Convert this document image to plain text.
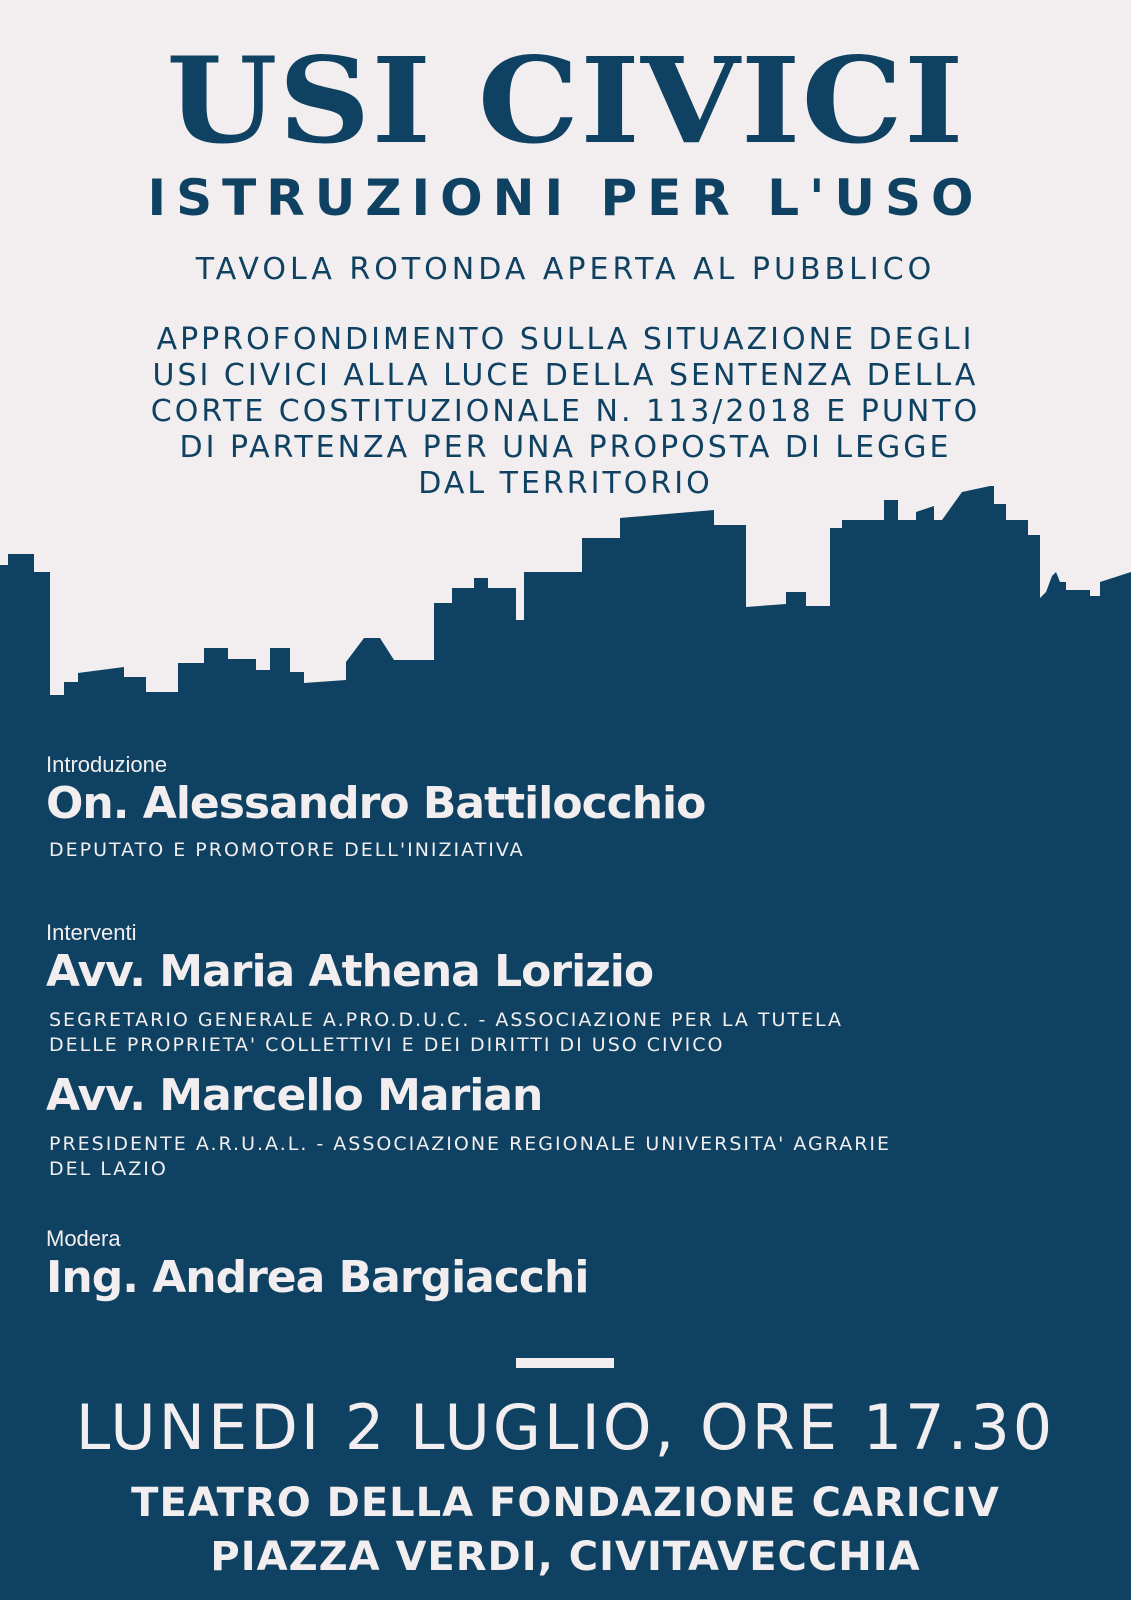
USI CIVICI
ISTRUZIONI PER L'USO
TAVOLA ROTONDA APERTA AL PUBBLICO
APPROFONDIMENTO SULLA SITUAZIONE DEGLI
USI CIVICI ALLA LUCE DELLA SENTENZA DELLA
CORTE COSTITUZIONALE N. 113/2018 E PUNTO
DI PARTENZA PER UNA PROPOSTA DI LEGGE
DAL TERRITORIO
Introduzione
On. Alessandro Battilocchio
DEPUTATO E PROMOTORE DELL'INIZIATIVA
Interventi
Avv. Maria Athena Lorizio
SEGRETARIO GENERALE A.PRO.D.U.C. - ASSOCIAZIONE PER LA TUTELA
DELLE PROPRIETA' COLLETTIVI E DEI DIRITTI DI USO CIVICO
Avv. Marcello Marian
PRESIDENTE A.R.U.A.L. - ASSOCIAZIONE REGIONALE UNIVERSITA' AGRARIE
DEL LAZIO
Modera
Ing. Andrea Bargiacchi
LUNEDI 2 LUGLIO, ORE 17.30
TEATRO DELLA FONDAZIONE CARICIV
PIAZZA VERDI, CIVITAVECCHIA
